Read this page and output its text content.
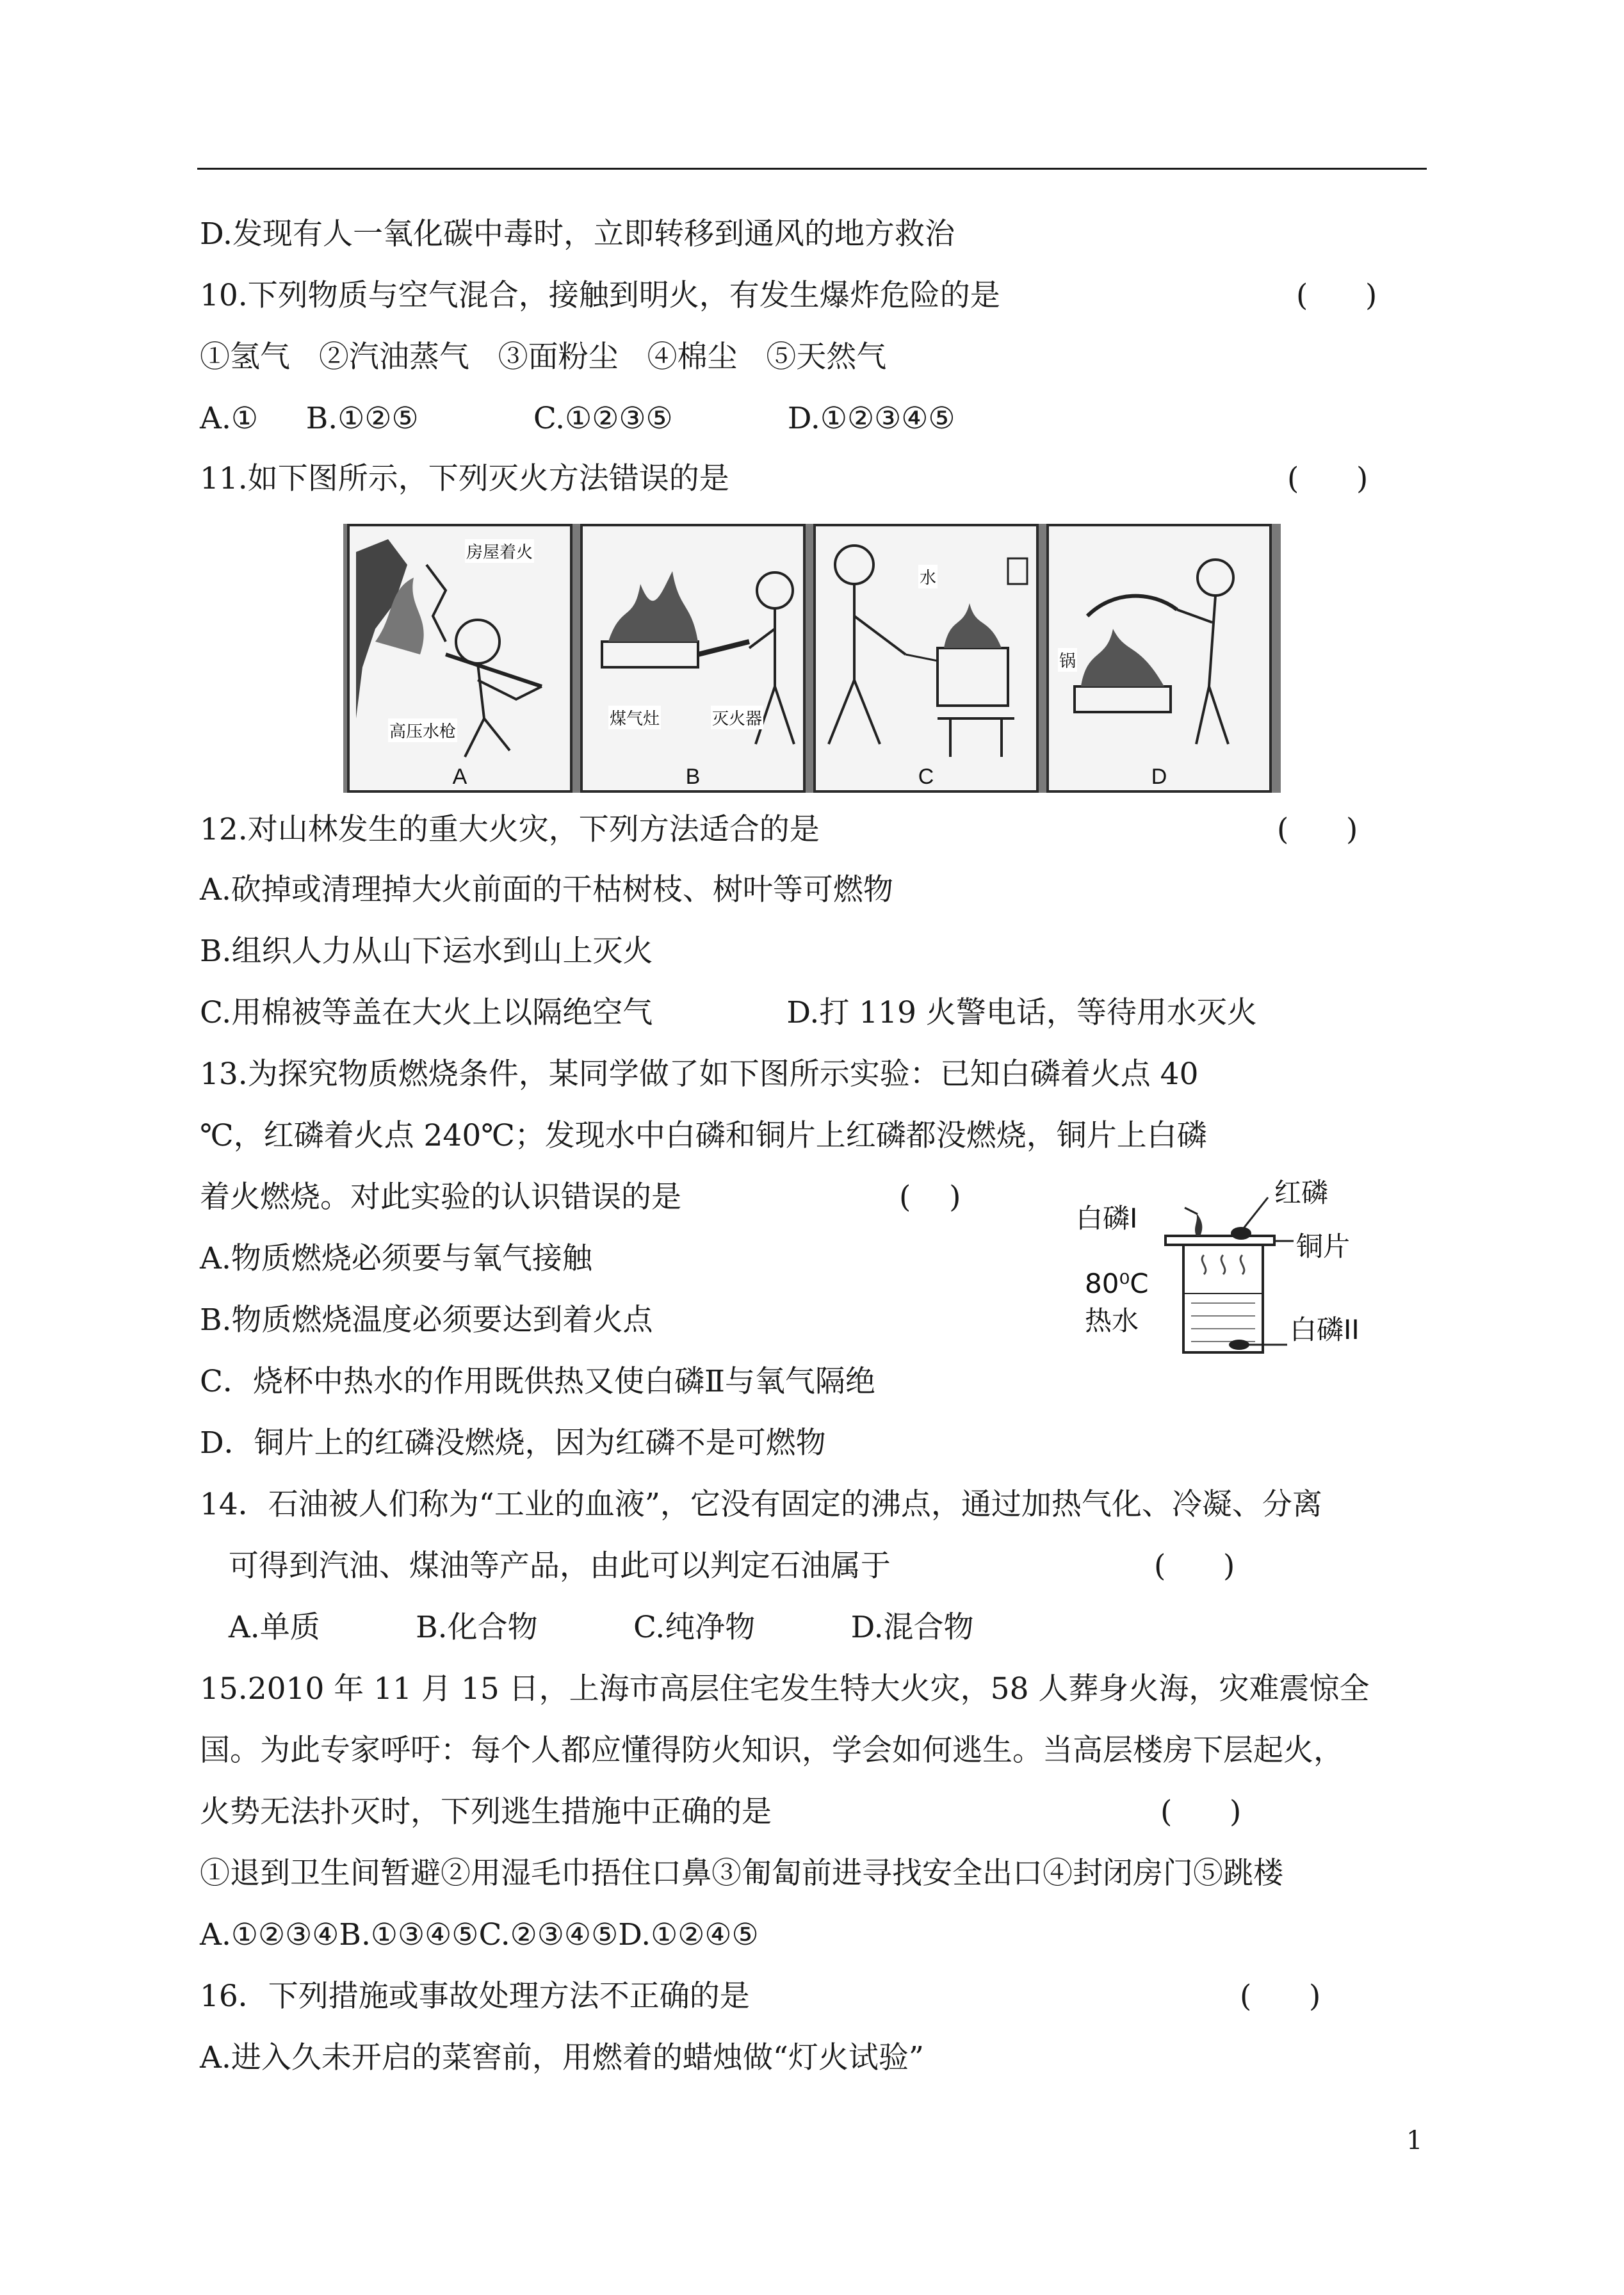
D.发现有人一氧化碳中毒时，立即转移到通风的地方救治
10.下列物质与空气混合，接触到明火，有发生爆炸危险的是	(      )
①氢气   ②汽油蒸气   ③面粉尘   ④棉尘   ⑤天然气
A.①     B.①②⑤            C.①②③⑤            D.①②③④⑤
11.如下图所示，下列灭火方法错误的是	(      )
房屋着火
高压水枪
A
煤气灶	灭火器
B
水
C
锅
D
12.对山林发生的重大火灾，下列方法适合的是	(      )
A.砍掉或清理掉大火前面的干枯树枝、树叶等可燃物
B.组织人力从山下运水到山上灭火
C.用棉被等盖在大火上以隔绝空气              D.打 119 火警电话，等待用水灭火
13.为探究物质燃烧条件，某同学做了如下图所示实验：已知白磷着火点 40
℃，红磷着火点 240℃；发现水中白磷和铜片上红磷都没燃烧，铜片上白磷
着火燃烧。对此实验的认识错误的是	(    )
A.物质燃烧必须要与氧气接触
B.物质燃烧温度必须要达到着火点
C．烧杯中热水的作用既供热又使白磷Ⅱ与氧气隔绝
D．铜片上的红磷没燃烧，因为红磷不是可燃物
红磷
白磷I
铜片
80⁰C
热水	白磷II
14．石油被人们称为“工业的血液”，它没有固定的沸点，通过加热气化、冷凝、分离
可得到汽油、煤油等产品，由此可以判定石油属于	(      )
A.单质          B.化合物          C.纯净物          D.混合物
15.2010 年 11 月 15 日，上海市高层住宅发生特大火灾，58 人葬身火海，灾难震惊全
国。为此专家呼吁：每个人都应懂得防火知识，学会如何逃生。当高层楼房下层起火，
火势无法扑灭时，下列逃生措施中正确的是	(      )
①退到卫生间暂避②用湿毛巾捂住口鼻③匍匐前进寻找安全出口④封闭房门⑤跳楼
A.①②③④B.①③④⑤C.②③④⑤D.①②④⑤
16．下列措施或事故处理方法不正确的是	(      )
A.进入久未开启的菜窖前，用燃着的蜡烛做“灯火试验”
1
